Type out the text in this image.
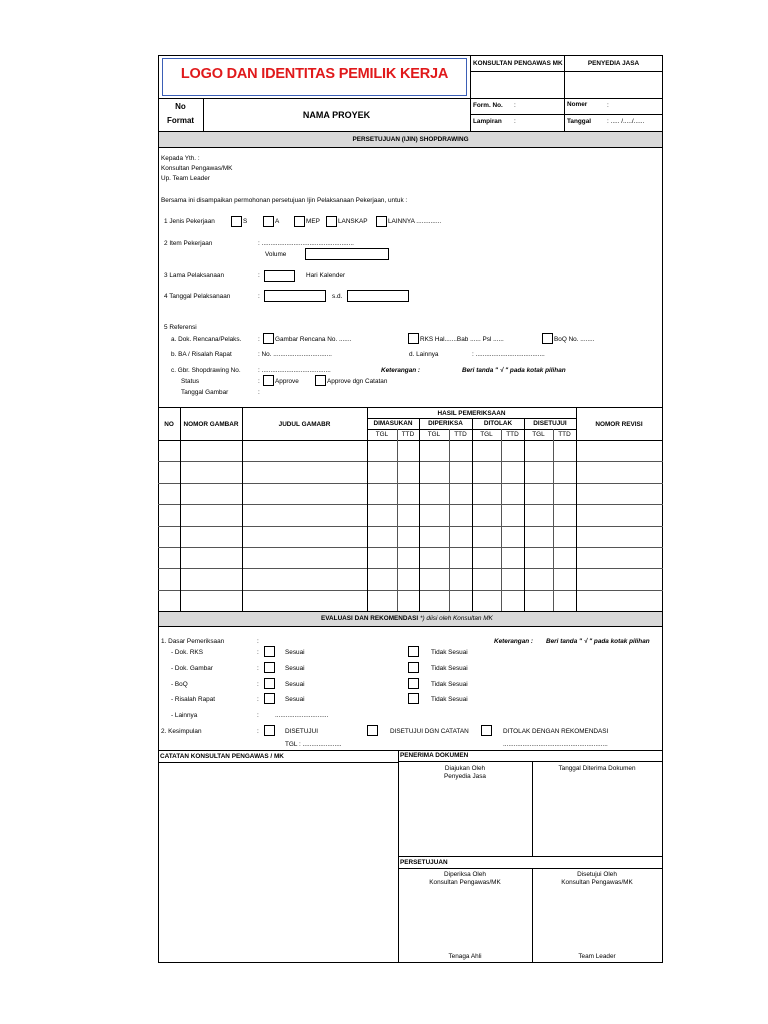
LOGO DAN IDENTITAS PEMILIK KERJA
KONSULTAN PENGAWAS MK	PENYEDIA JASA
No
Format
NAMA PROYEK
Form. No. :
Lampiran :
Nomer	:
Tanggal : ..... /...../......
PERSETUJUAN (IJIN) SHOPDRAWING
Kepada Yth. :
Konsultan Pengawas/MK
Up. Team Leader
Bersama ini disampaikan permohonan persetujuan Ijin Pelaksanaan Pekerjaan, untuk :
1 Jenis Pekerjaan	S	A	MEP	LANSKAP	LAINNYA ..............
2 Item Pekerjaan	: ....................................................
Volume
3 Lama Pelaksanaan	:	Hari Kalender
4 Tanggal Pelaksanaan	:	s.d.
5 Referensi
a. Dok. Rencana/Pelaks.	: Gambar Rencana No. .......	RKS Hal.......Bab ...... Psl ......	BoQ No. ........
b. BA / Risalah Rapat	: No. .................................	d. Lainnya	: .......................................
c. Gbr. Shopdrawing No.	: .......................................	Keterangan :	Beri tanda " √ " pada kotak pilihan
Status	: Approve	Approve dgn Catatan
Tanggal Gambar	:
HASIL PEMERIKSAAN
NO	NOMOR GAMBAR	JUDUL GAMABR	DIMASUKAN	DIPERIKSA	DITOLAK	DISETUJUI	NOMOR REVISI
TGL	TTD	TGL	TTD	TGL	TTD	TGL	TTD
EVALUASI DAN REKOMENDASI *) diisi oleh Konsultan MK
1. Dasar Pemeriksaan	:	Keterangan : Beri tanda " √ " pada kotak pilihan
- Dok. RKS	:	Sesuai	Tidak Sesuai
- Dok. Gambar	:	Sesuai	Tidak Sesuai
- BoQ	:	Sesuai	Tidak Sesuai
- Risalah Rapat	:	Sesuai	Tidak Sesuai
- Lainnya	:	..............................
2. Kesimpulan	:	DISETUJUI	DISETUJUI DGN CATATAN	DITOLAK DENGAN REKOMENDASI
TGL : ......................	...........................................................
CATATAN KONSULTAN PENGAWAS / MK	PENERIMA DOKUMEN
Diajukan Oleh
Penyedia Jasa
Tanggal Diterima Dokumen
PERSETUJUAN
Diperiksa Oleh
Konsultan Pengawas/MK
Disetujui Oleh
Konsultan Pengawas/MK
Tenaga Ahli	Team Leader
